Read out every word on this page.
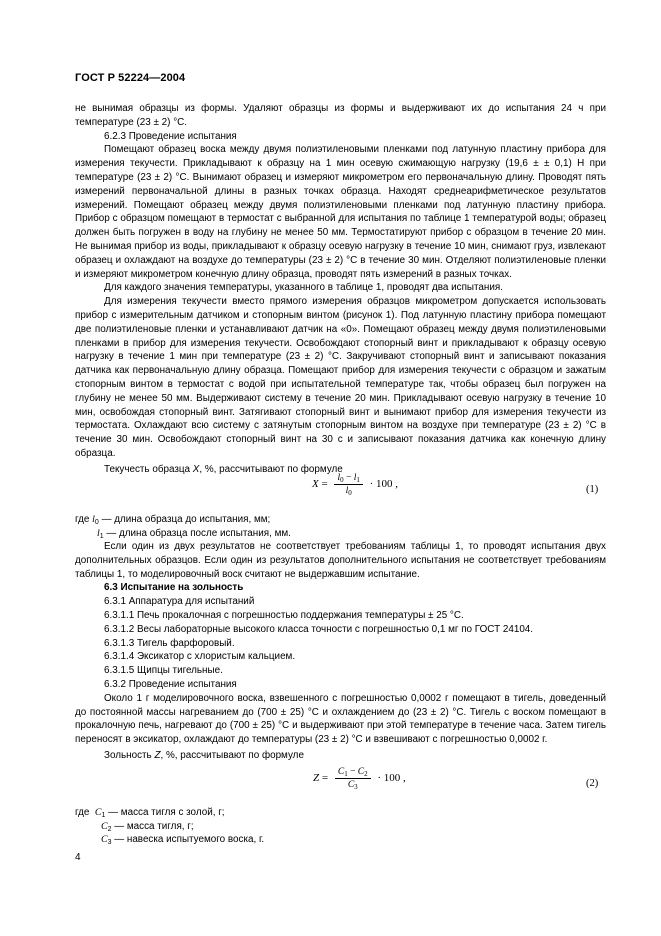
ГОСТ Р 52224—2004

не вынимая образцы из формы. Удаляют образцы из формы и выдерживают их до испытания 24 ч при температуре (23 ± 2) °С.

6.2.3 Проведение испытания

Помещают образец воска между двумя полиэтиленовыми пленками под латунную пластину прибора для измерения текучести. Прикладывают к образцу на 1 мин осевую сжимающую нагрузку (19,6 ± ± 0,1) Н при температуре (23 ± 2) °С. Вынимают образец и измеряют микрометром его первоначальную длину. Проводят пять измерений первоначальной длины в разных точках образца. Находят среднеарифметическое результатов измерений. Помещают образец между двумя полиэтиленовыми пленками под латунную пластину прибора. Прибор с образцом помещают в термостат с выбранной для испытания по таблице 1 температурой воды; образец должен быть погружен в воду на глубину не менее 50 мм. Термостатируют прибор с образцом в течение 20 мин. Не вынимая прибор из воды, прикладывают к образцу осевую нагрузку в течение 10 мин, снимают груз, извлекают образец и охлаждают на воздухе до температуры (23 ± 2) °С в течение 30 мин. Отделяют полиэтиленовые пленки и измеряют микрометром конечную длину образца, проводят пять измерений в разных точках.

Для каждого значения температуры, указанного в таблице 1, проводят два испытания.

Для измерения текучести вместо прямого измерения образцов микрометром допускается использовать прибор с измерительным датчиком и стопорным винтом (рисунок 1). Под латунную пластину прибора помещают две полиэтиленовые пленки и устанавливают датчик на «0». Помещают образец между двумя полиэтиленовыми пленками в прибор для измерения текучести. Освобождают стопорный винт и прикладывают к образцу осевую нагрузку в течение 1 мин при температуре (23 ± 2) °С. Закручивают стопорный винт и записывают показания датчика как первоначальную длину образца. Помещают прибор для измерения текучести с образцом и зажатым стопорным винтом в термостат с водой при испытательной температуре так, чтобы образец был погружен на глубину не менее 50 мм. Выдерживают систему в течение 20 мин. Прикладывают осевую нагрузку в течение 10 мин, освобождая стопорный винт. Затягивают стопорный винт и вынимают прибор для измерения текучести из термостата. Охлаждают всю систему с затянутым стопорным винтом на воздухе при температуре (23 ± 2) °С в течение 30 мин. Освобождают стопорный винт на 30 с и записывают показания датчика как конечную длину образца.

Текучесть образца X, %, рассчитывают по формуле

$X = \frac{l_0 - l_1}{l_0} \cdot 100$ ,	(1)
где $l_0$ — длина образца до испытания, мм;
$l_1$ — длина образца после испытания, мм.

Если один из двух результатов не соответствует требованиям таблицы 1, то проводят испытания двух дополнительных образцов. Если один из результатов дополнительного испытания не соответствует требованиям таблицы 1, то моделировочный воск считают не выдержавшим испытание.

6.3 Испытание на зольность

6.3.1 Аппаратура для испытаний

6.3.1.1 Печь прокалочная с погрешностью поддержания температуры ± 25 °С.

6.3.1.2 Весы лабораторные высокого класса точности с погрешностью 0,1 мг по ГОСТ 24104.

6.3.1.3 Тигель фарфоровый.

6.3.1.4 Эксикатор с хлористым кальцием.

6.3.1.5 Щипцы тигельные.

6.3.2 Проведение испытания

Около 1 г моделировочного воска, взвешенного с погрешностью 0,0002 г помещают в тигель, доведенный до постоянной массы нагреванием до (700 ± 25) °С и охлаждением до (23 ± 2) °С. Тигель с воском помещают в прокалочную печь, нагревают до (700 ± 25) °С и выдерживают при этой температуре в течение часа. Затем тигель переносят в эксикатор, охлаждают до температуры (23 ± 2) °С и взвешивают с погрешностью 0,0002 г.

Зольность Z, %, рассчитывают по формуле

$Z = \frac{C_1 - C_2}{C_3} \cdot 100$ ,	(2)
где $C_1$ — масса тигля с золой, г;
$C_2$ — масса тигля, г;
$C_3$ — навеска испытуемого воска, г.
4
